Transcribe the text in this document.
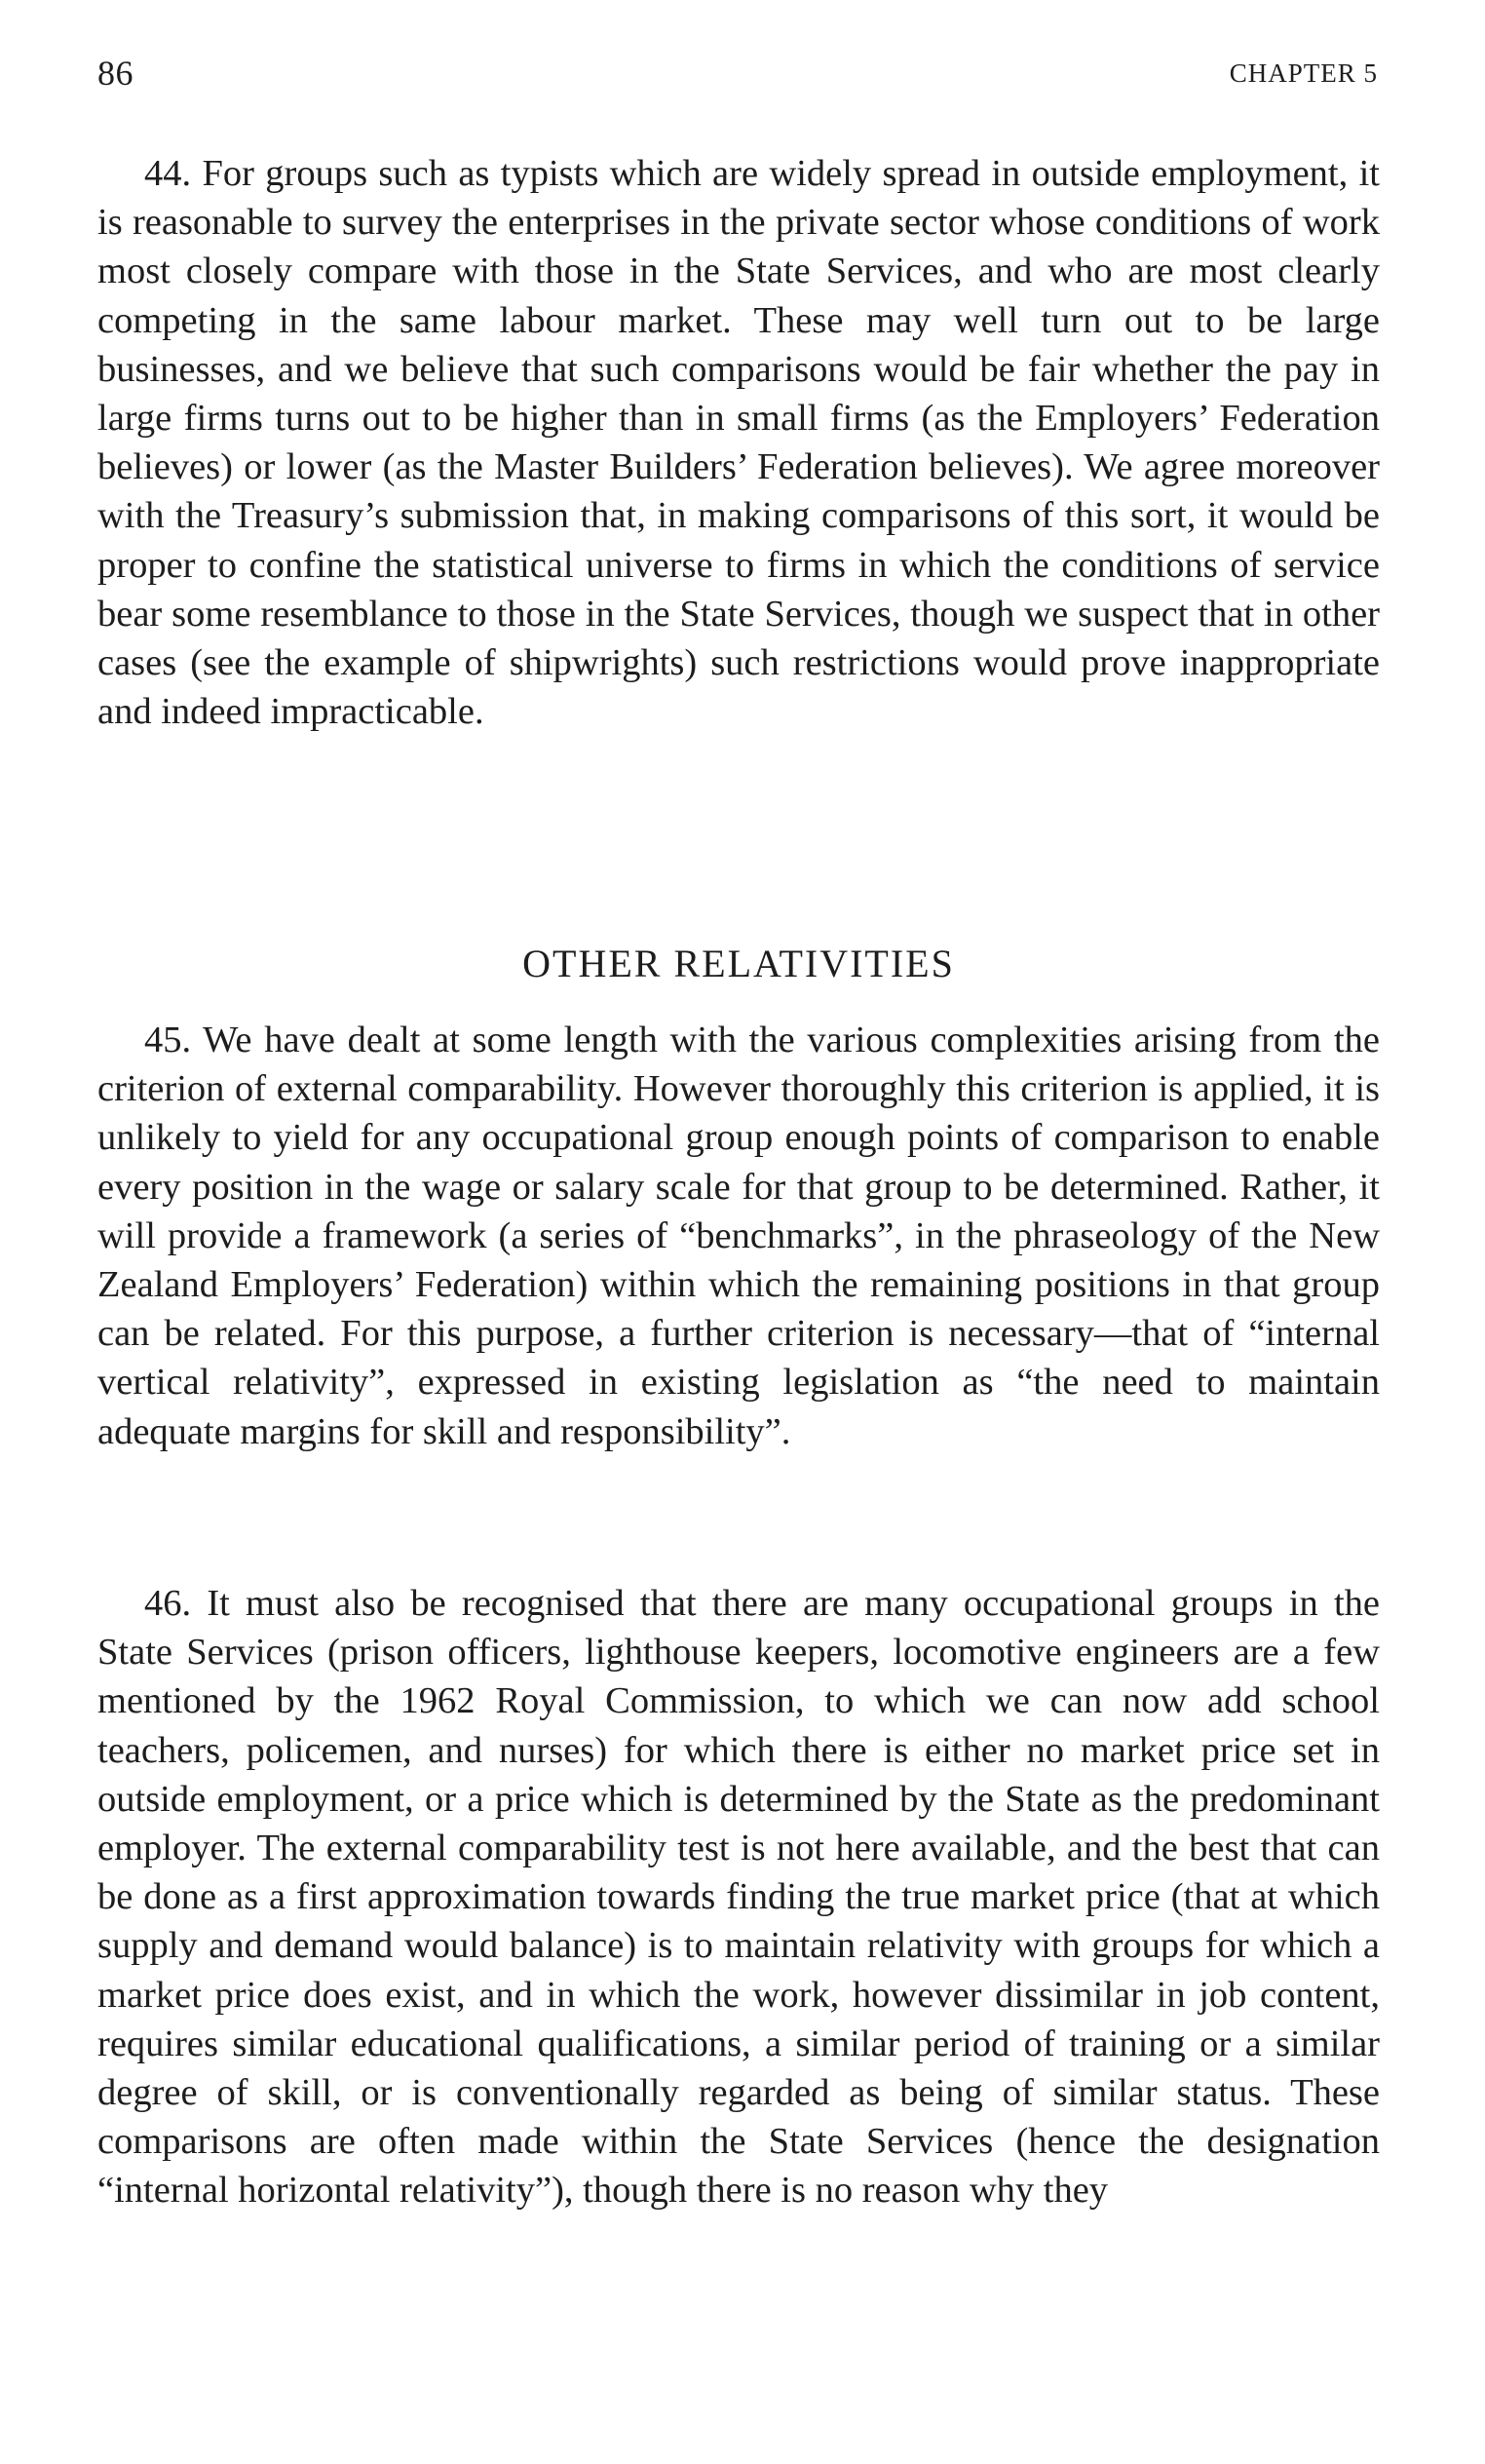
86	CHAPTER 5

44. For groups such as typists which are widely spread in outside employment, it is reasonable to survey the enterprises in the private sector whose conditions of work most closely compare with those in the State Services, and who are most clearly competing in the same labour market. These may well turn out to be large businesses, and we believe that such comparisons would be fair whether the pay in large firms turns out to be higher than in small firms (as the Employers’ Federation believes) or lower (as the Master Builders’ Federation believes). We agree moreover with the Treasury’s submission that, in making comparisons of this sort, it would be proper to confine the statistical universe to firms in which the conditions of service bear some resemblance to those in the State Services, though we suspect that in other cases (see the example of shipwrights) such restrictions would prove inappropriate and indeed impracticable.

OTHER RELATIVITIES

45. We have dealt at some length with the various complexities arising from the criterion of external comparability. However thoroughly this criterion is applied, it is unlikely to yield for any occupational group enough points of comparison to enable every position in the wage or salary scale for that group to be determined. Rather, it will provide a framework (a series of “benchmarks”, in the phraseology of the New Zealand Employers’ Federation) within which the remaining positions in that group can be related. For this purpose, a further criterion is necessary—that of “internal vertical relativity”, expressed in existing legislation as “the need to maintain adequate margins for skill and responsibility”.

46. It must also be recognised that there are many occupational groups in the State Services (prison officers, lighthouse keepers, locomotive engineers are a few mentioned by the 1962 Royal Commission, to which we can now add school teachers, policemen, and nurses) for which there is either no market price set in outside employment, or a price which is determined by the State as the predominant employer. The external comparability test is not here available, and the best that can be done as a first approximation towards finding the true market price (that at which supply and demand would balance) is to maintain relativity with groups for which a market price does exist, and in which the work, however dissimilar in job content, requires similar educational qualifications, a similar period of training or a similar degree of skill, or is conventionally regarded as being of similar status. These comparisons are often made within the State Services (hence the designation “internal horizontal relativity”), though there is no reason why they
